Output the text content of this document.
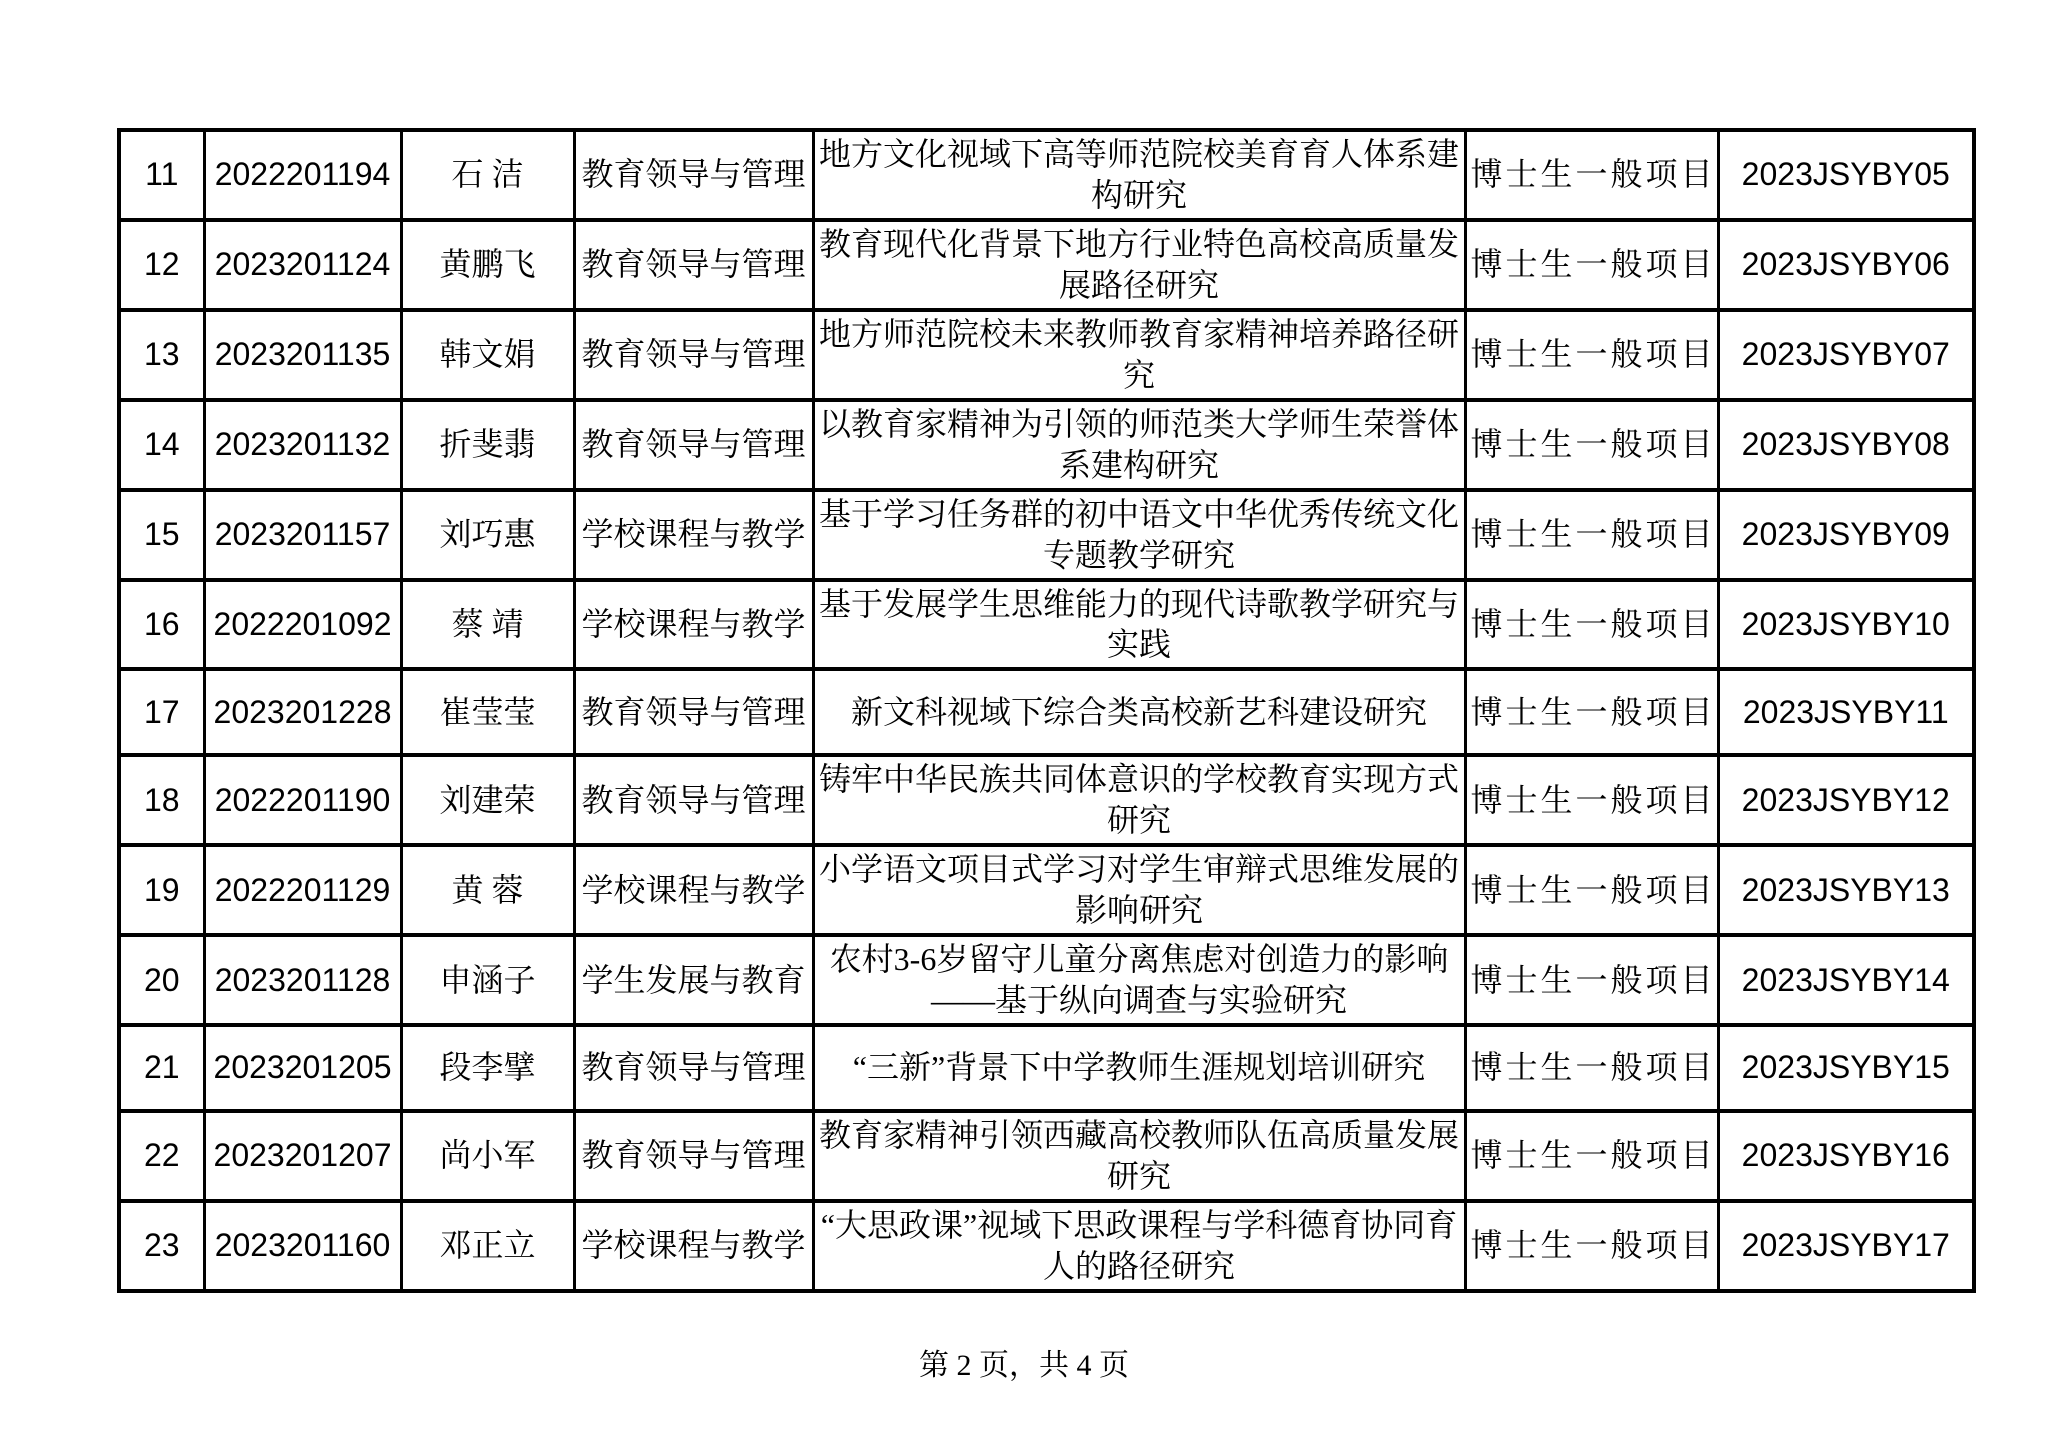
11	2022201194	石 洁	教育领导与管理	地方文化视域下高等师范院校美育育人体系建构研究	博士生一般项目	2023JSYBY05
12	2023201124	黄鹏飞	教育领导与管理	教育现代化背景下地方行业特色高校高质量发展路径研究	博士生一般项目	2023JSYBY06
13	2023201135	韩文娟	教育领导与管理	地方师范院校未来教师教育家精神培养路径研究	博士生一般项目	2023JSYBY07
14	2023201132	折斐翡	教育领导与管理	以教育家精神为引领的师范类大学师生荣誉体系建构研究	博士生一般项目	2023JSYBY08
15	2023201157	刘巧惠	学校课程与教学	基于学习任务群的初中语文中华优秀传统文化专题教学研究	博士生一般项目	2023JSYBY09
16	2022201092	蔡 靖	学校课程与教学	基于发展学生思维能力的现代诗歌教学研究与实践	博士生一般项目	2023JSYBY10
17	2023201228	崔莹莹	教育领导与管理	新文科视域下综合类高校新艺科建设研究	博士生一般项目	2023JSYBY11
18	2022201190	刘建荣	教育领导与管理	铸牢中华民族共同体意识的学校教育实现方式研究	博士生一般项目	2023JSYBY12
19	2022201129	黄 蓉	学校课程与教学	小学语文项目式学习对学生审辩式思维发展的影响研究	博士生一般项目	2023JSYBY13
20	2023201128	申涵子	学生发展与教育	农村3-6岁留守儿童分离焦虑对创造力的影响——基于纵向调查与实验研究	博士生一般项目	2023JSYBY14
21	2023201205	段李擘	教育领导与管理	“三新”背景下中学教师生涯规划培训研究	博士生一般项目	2023JSYBY15
22	2023201207	尚小军	教育领导与管理	教育家精神引领西藏高校教师队伍高质量发展研究	博士生一般项目	2023JSYBY16
23	2023201160	邓正立	学校课程与教学	“大思政课”视域下思政课程与学科德育协同育人的路径研究	博士生一般项目	2023JSYBY17
第 2 页，共 4 页
